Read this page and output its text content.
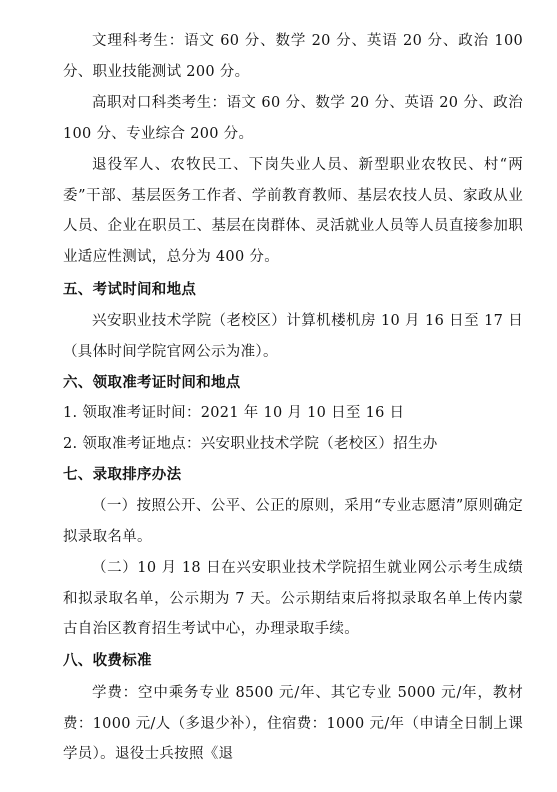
文理科考生：语文 60 分、数学 20 分、英语 20 分、政治 100 分、职业技能测试 200 分。
高职对口科类考生：语文 60 分、数学 20 分、英语 20 分、政治 100 分、专业综合 200 分。
退役军人、农牧民工、下岗失业人员、新型职业农牧民、村“两委”干部、基层医务工作者、学前教育教师、基层农技人员、家政从业人员、企业在职员工、基层在岗群体、灵活就业人员等人员直接参加职业适应性测试，总分为 400 分。
五、考试时间和地点
兴安职业技术学院（老校区）计算机楼机房 10 月 16 日至 17 日（具体时间学院官网公示为准）。
六、领取准考证时间和地点
1. 领取准考证时间：2021 年 10 月 10 日至 16 日
2. 领取准考证地点：兴安职业技术学院（老校区）招生办
七、录取排序办法
（一）按照公开、公平、公正的原则，采用“专业志愿清”原则确定拟录取名单。
（二）10 月 18 日在兴安职业技术学院招生就业网公示考生成绩和拟录取名单，公示期为 7 天。公示期结束后将拟录取名单上传内蒙古自治区教育招生考试中心，办理录取手续。
八、收费标准
学费：空中乘务专业 8500 元/年、其它专业 5000 元/年，教材费：1000 元/人（多退少补），住宿费：1000 元/年（申请全日制上课学员）。退役士兵按照《退
